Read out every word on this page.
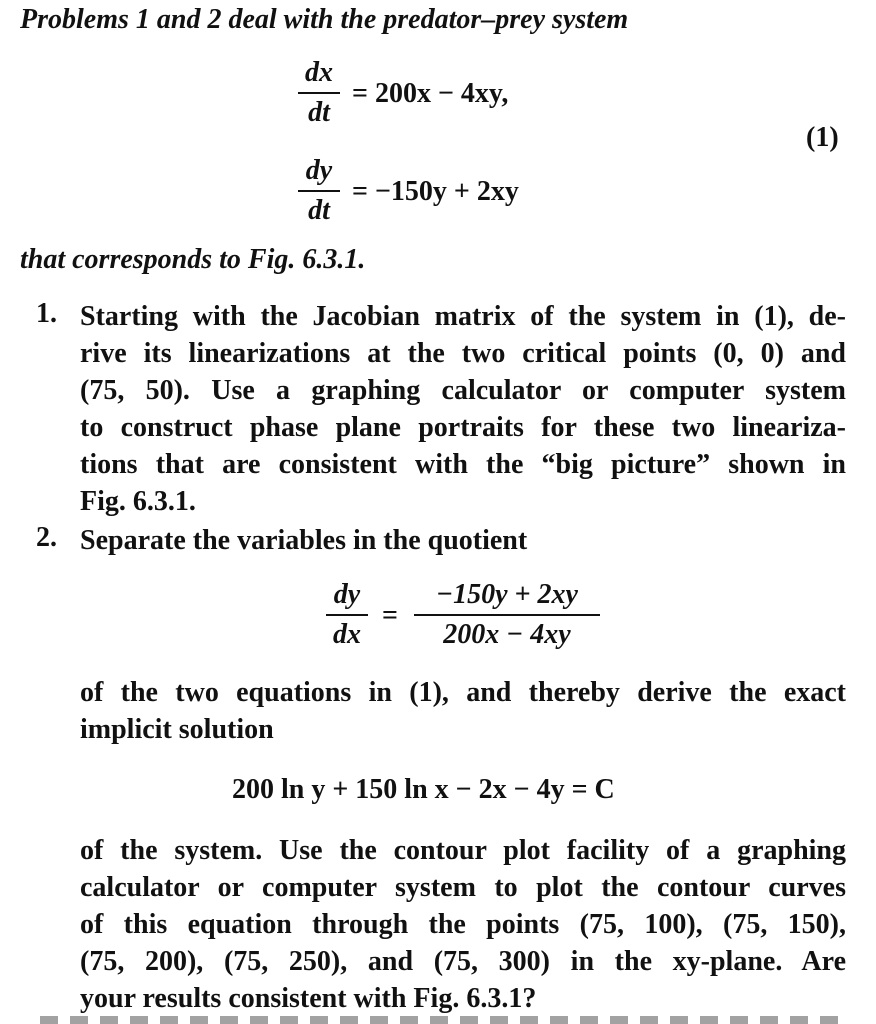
Problems 1 and 2 deal with the predator–prey system
dx
dt
= 200x − 4xy,
(1)
dy
dt
= −150y + 2xy
that corresponds to Fig. 6.3.1.
1. Starting with the Jacobian matrix of the system in (1), de-
rive its linearizations at the two critical points (0, 0) and
(75, 50). Use a graphing calculator or computer system
to construct phase plane portraits for these two lineariza-
tions that are consistent with the “big picture” shown in
Fig. 6.3.1.
2. Separate the variables in the quotient
dy
dx
=
−150y + 2xy
200x − 4xy
of the two equations in (1), and thereby derive the exact
implicit solution
200 ln y + 150 ln x − 2x − 4y = C
of the system. Use the contour plot facility of a graphing
calculator or computer system to plot the contour curves
of this equation through the points (75, 100), (75, 150),
(75, 200), (75, 250), and (75, 300) in the xy-plane. Are
your results consistent with Fig. 6.3.1?
